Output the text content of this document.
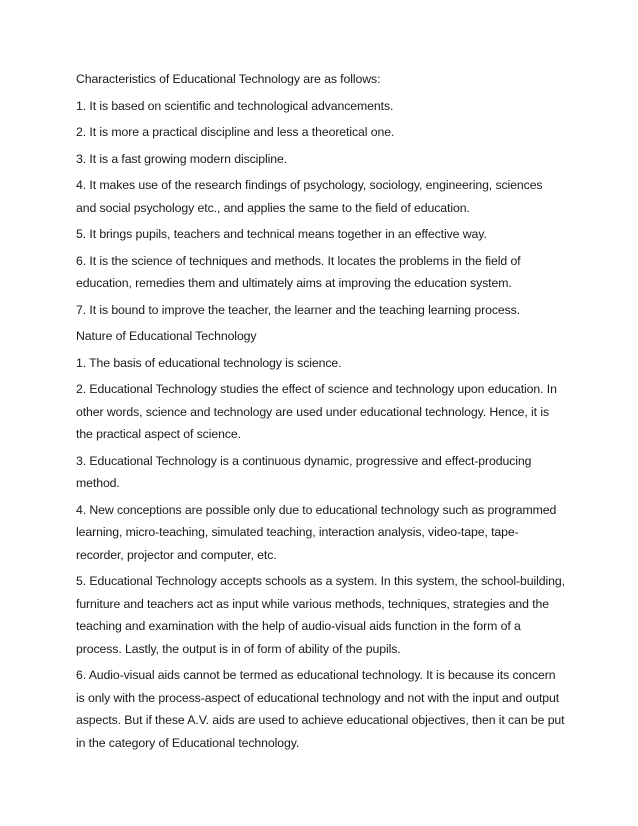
Characteristics of Educational Technology are as follows:

1. It is based on scientific and technological advancements.

2. It is more a practical discipline and less a theoretical one.

3. It is a fast growing modern discipline.

4. It makes use of the research findings of psychology, sociology, engineering, sciences and social psychology etc., and applies the same to the field of education.

5. It brings pupils, teachers and technical means together in an effective way.

6. It is the science of techniques and methods. It locates the problems in the field of education, remedies them and ultimately aims at improving the education system.

7. It is bound to improve the teacher, the learner and the teaching learning process.

Nature of Educational Technology

1. The basis of educational technology is science.

2. Educational Technology studies the effect of science and technology upon education. In other words, science and technology are used under educational technology. Hence, it is the practical aspect of science.

3. Educational Technology is a continuous dynamic, progressive and effect-producing method.

4. New conceptions are possible only due to educational technology such as programmed learning, micro-teaching, simulated teaching, interaction analysis, video-tape, tape-recorder, projector and computer, etc.

5. Educational Technology accepts schools as a system. In this system, the school-building, furniture and teachers act as input while various methods, techniques, strategies and the teaching and examination with the help of audio-visual aids function in the form of a process. Lastly, the output is in of form of ability of the pupils.

6. Audio-visual aids cannot be termed as educational technology. It is because its concern is only with the process-aspect of educational technology and not with the input and output aspects. But if these A.V. aids are used to achieve educational objectives, then it can be put in the category of Educational technology.
